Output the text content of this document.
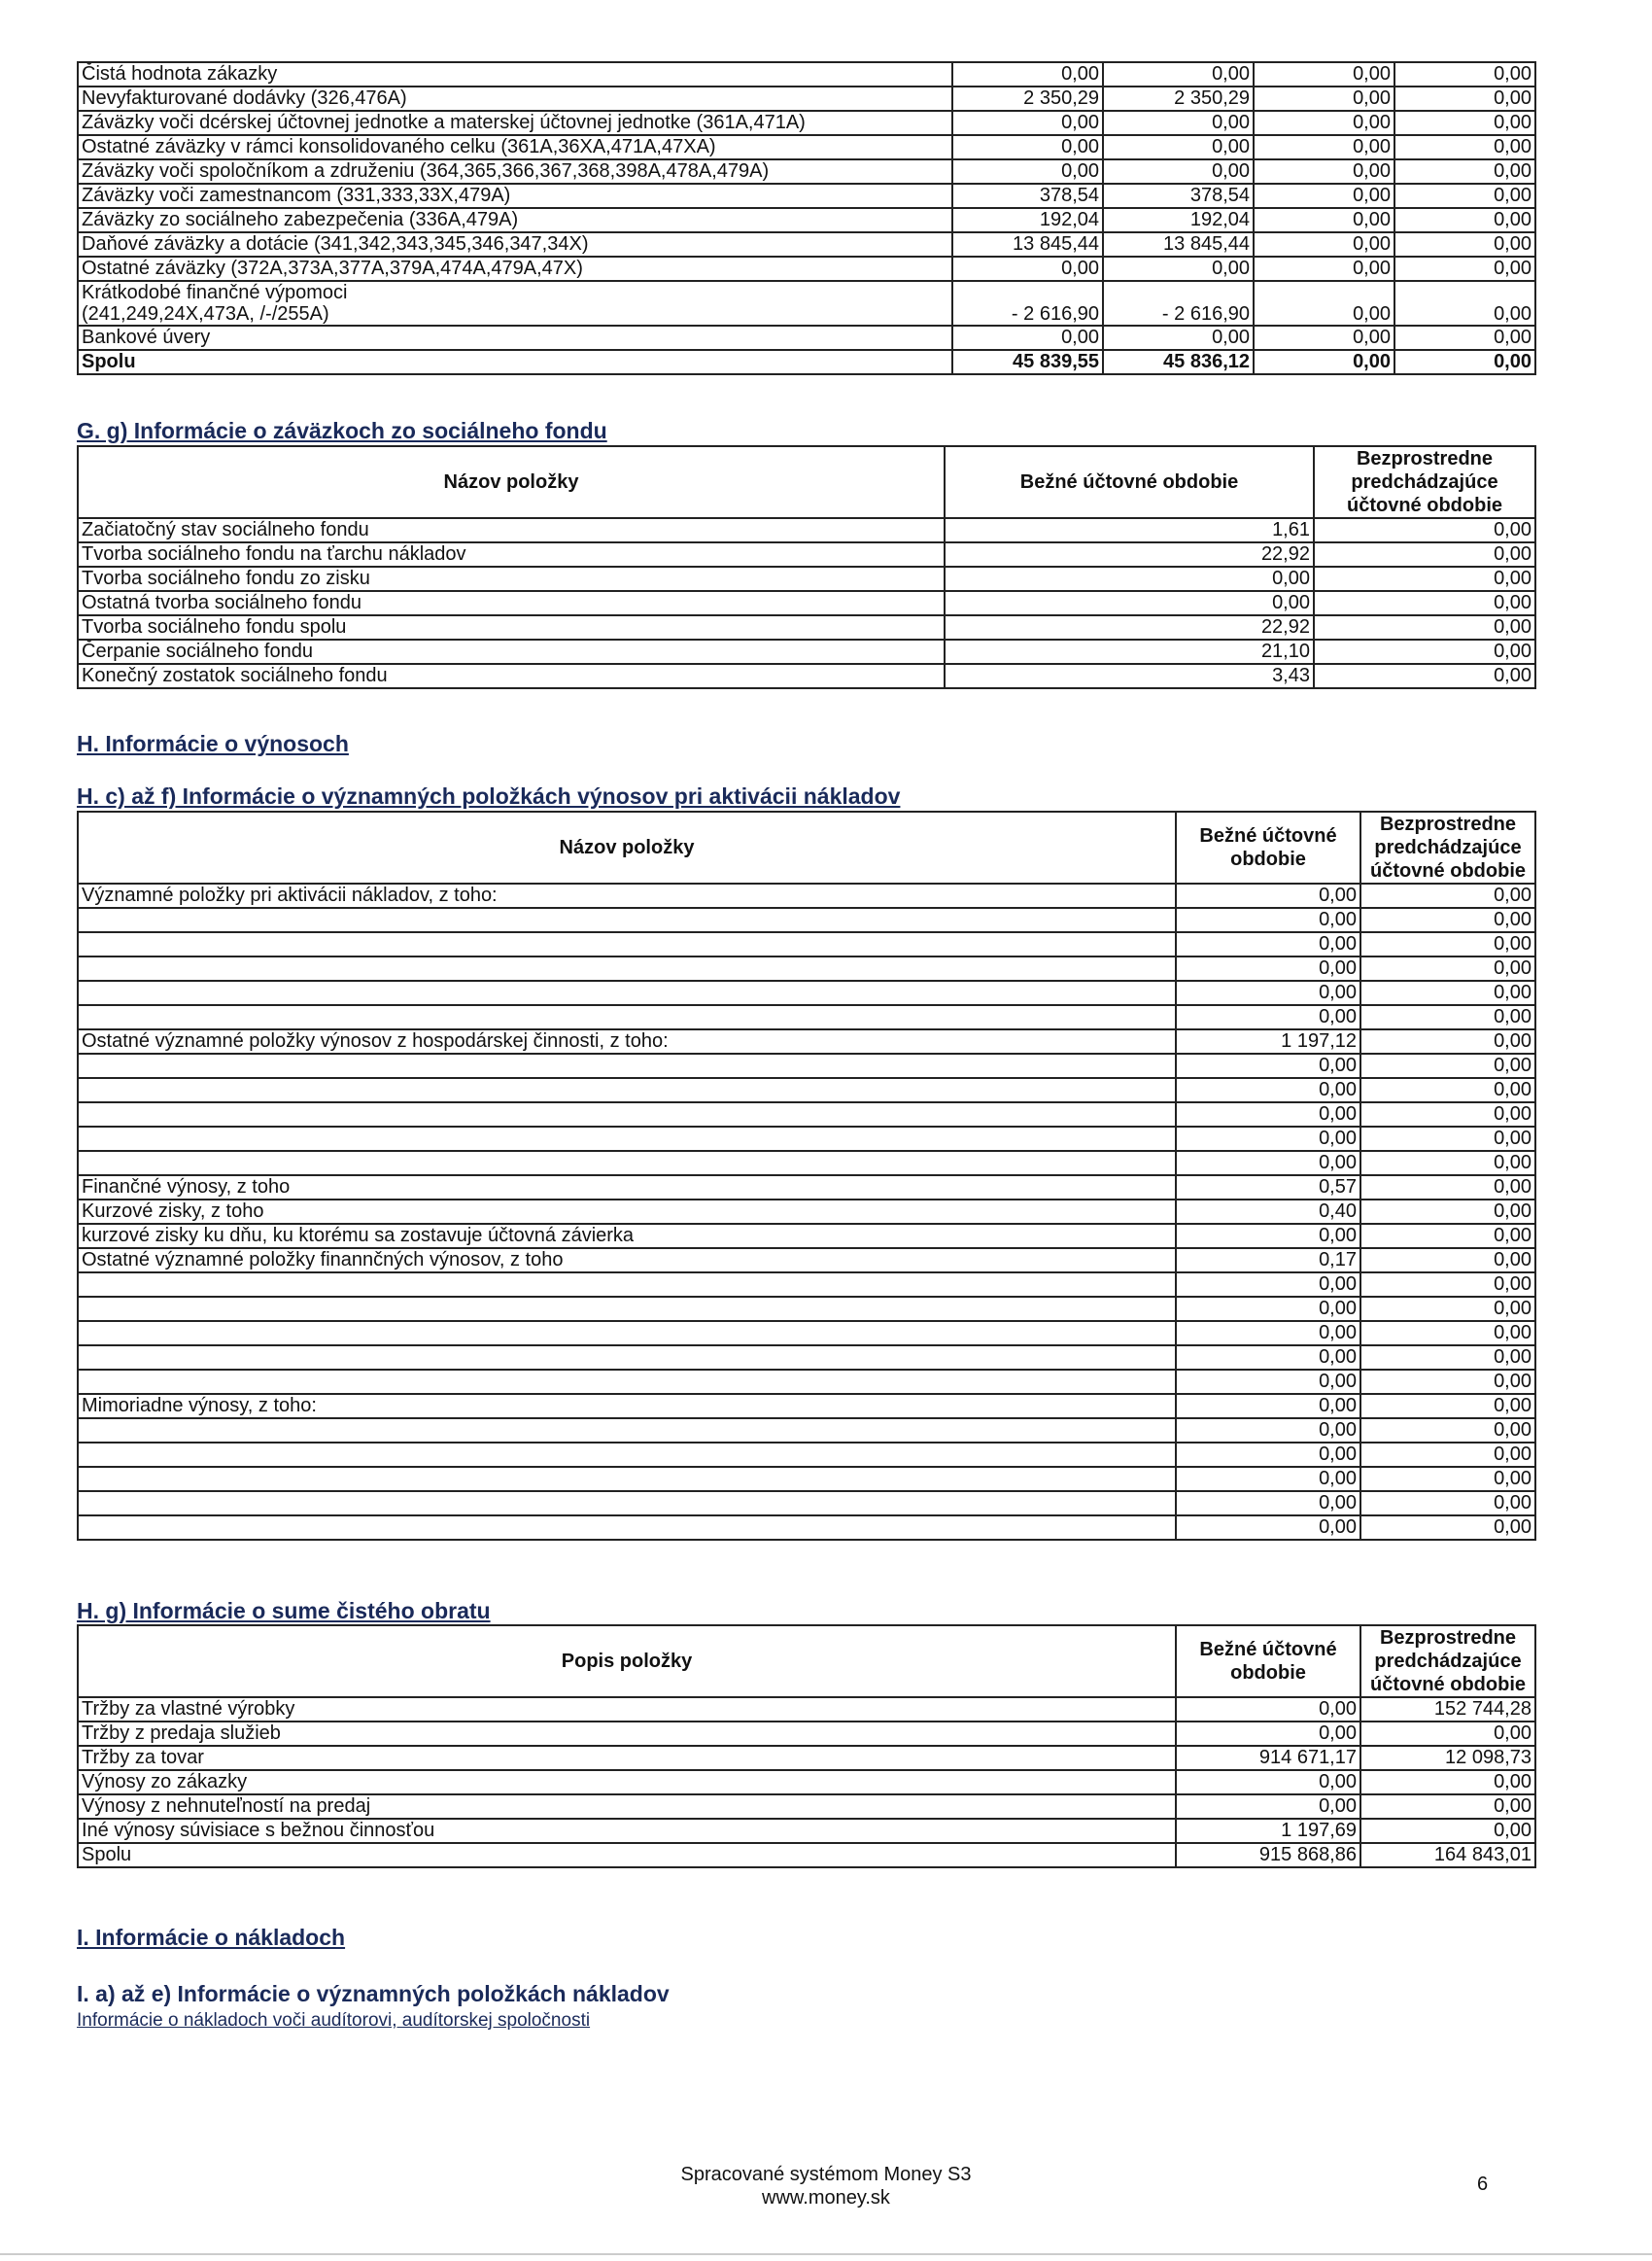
Čistá hodnota zákazky	0,00	0,00	0,00	0,00
Nevyfakturované dodávky (326,476A)	2 350,29	2 350,29	0,00	0,00
Záväzky voči dcérskej účtovnej jednotke a materskej účtovnej jednotke (361A,471A)	0,00	0,00	0,00	0,00
Ostatné záväzky v rámci konsolidovaného celku (361A,36XA,471A,47XA)	0,00	0,00	0,00	0,00
Záväzky voči spoločníkom a združeniu (364,365,366,367,368,398A,478A,479A)	0,00	0,00	0,00	0,00
Záväzky voči zamestnancom (331,333,33X,479A)	378,54	378,54	0,00	0,00
Záväzky zo sociálneho zabezpečenia (336A,479A)	192,04	192,04	0,00	0,00
Daňové záväzky a dotácie (341,342,343,345,346,347,34X)	13 845,44	13 845,44	0,00	0,00
Ostatné záväzky (372A,373A,377A,379A,474A,479A,47X)	0,00	0,00	0,00	0,00

Krátkodobé finančné výpomoci
(241,249,24X,473A, /-/255A)	- 2 616,90	- 2 616,90	0,00	0,00
Bankové úvery	0,00	0,00	0,00	0,00
Spolu	45 839,55	45 836,12	0,00	0,00

G. g) Informácie o záväzkoch zo sociálneho fondu

Názov položky	Bežné účtovné obdobie	Bezprostredne predchádzajúce účtovné obdobie
Začiatočný stav sociálneho fondu	1,61	0,00
Tvorba sociálneho fondu na ťarchu nákladov	22,92	0,00
Tvorba sociálneho fondu zo zisku	0,00	0,00
Ostatná tvorba sociálneho fondu	0,00	0,00
Tvorba sociálneho fondu spolu	22,92	0,00
Čerpanie sociálneho fondu	21,10	0,00
Konečný zostatok sociálneho fondu	3,43	0,00

H. Informácie o výnosoch

H. c) až f) Informácie o významných položkách výnosov pri aktivácii nákladov

Názov položky	Bežné účtovné obdobie	Bezprostredne predchádzajúce účtovné obdobie
Významné položky pri aktivácii nákladov, z toho:	0,00	0,00
	0,00	0,00
	0,00	0,00
	0,00	0,00
	0,00	0,00
	0,00	0,00
Ostatné významné položky výnosov z hospodárskej činnosti, z toho:	1 197,12	0,00
	0,00	0,00
	0,00	0,00
	0,00	0,00
	0,00	0,00
	0,00	0,00
Finančné výnosy, z toho	0,57	0,00
Kurzové zisky, z toho	0,40	0,00
kurzové zisky ku dňu, ku ktorému sa zostavuje účtovná závierka	0,00	0,00
Ostatné významné položky finannčných výnosov, z toho	0,17	0,00
	0,00	0,00
	0,00	0,00
	0,00	0,00
	0,00	0,00
	0,00	0,00
Mimoriadne výnosy, z toho:	0,00	0,00
	0,00	0,00
	0,00	0,00
	0,00	0,00
	0,00	0,00
	0,00	0,00

H. g) Informácie o sume čistého obratu

Popis položky	Bežné účtovné obdobie	Bezprostredne predchádzajúce účtovné obdobie
Tržby za vlastné výrobky	0,00	152 744,28
Tržby z predaja služieb	0,00	0,00
Tržby za tovar	914 671,17	12 098,73
Výnosy zo zákazky	0,00	0,00
Výnosy z nehnuteľností na predaj	0,00	0,00
Iné výnosy súvisiace s bežnou činnosťou	1 197,69	0,00
Spolu	915 868,86	164 843,01

I. Informácie o nákladoch

I. a) až e) Informácie o významných položkách nákladov

Informácie o nákladoch voči audítorovi, audítorskej spoločnosti

Spracované systémom Money S3
www.money.sk
6
